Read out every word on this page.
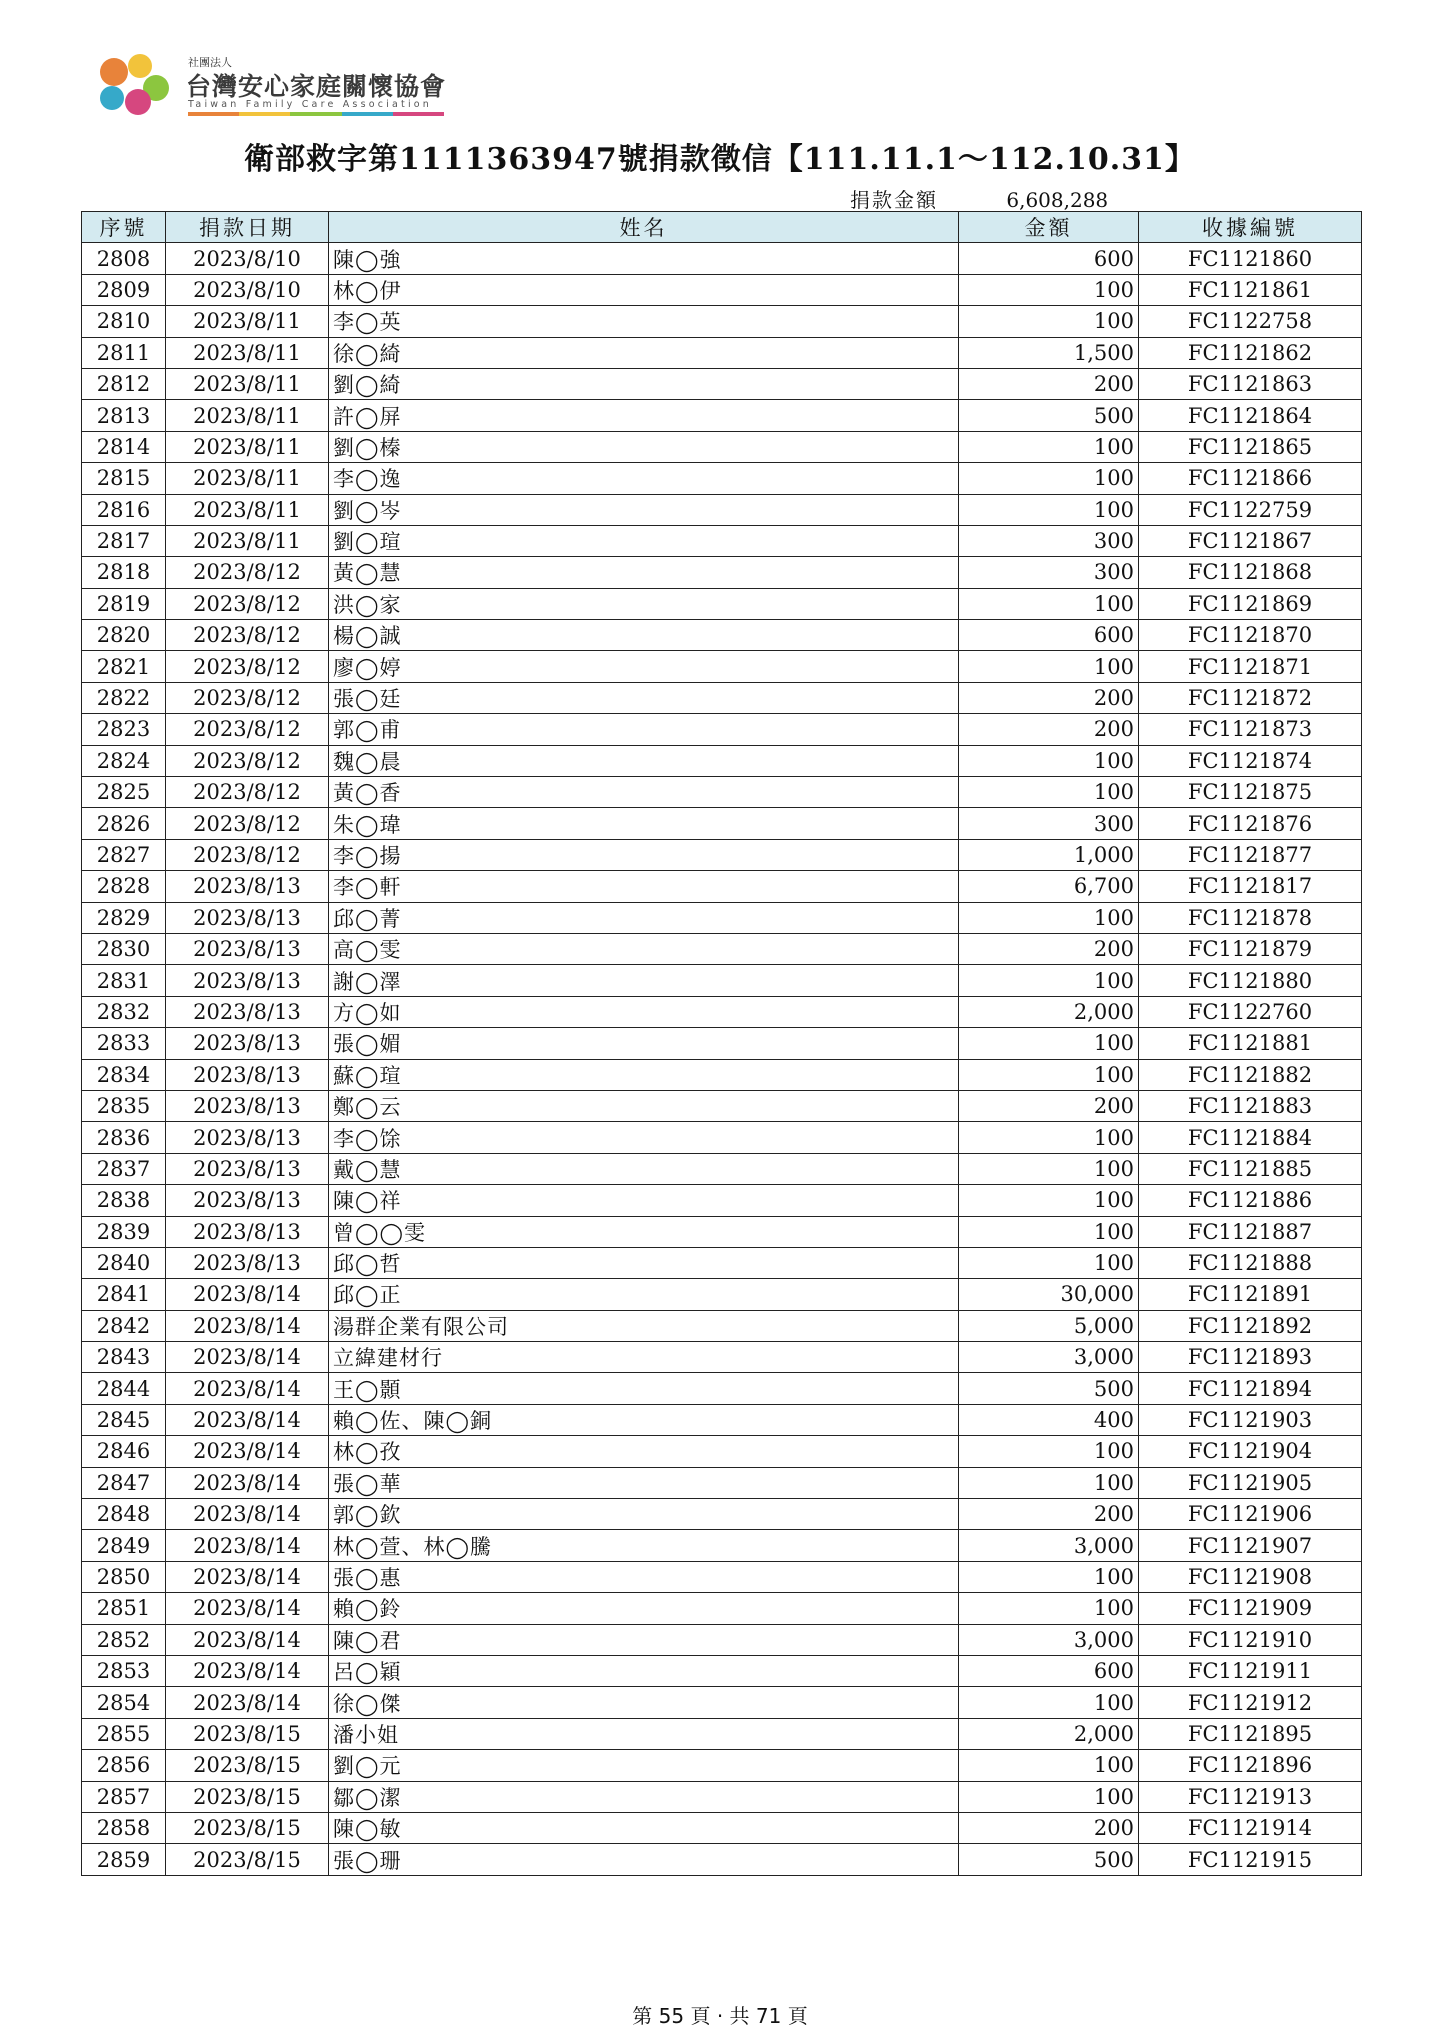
社團法人
台灣安心家庭關懷協會
Taiwan Family Care Association
衛部救字第1111363947號捐款徵信【111.11.1～112.10.31】
捐款金額	6,608,288
序號	捐款日期	姓名	金額	收據編號
2808	2023/8/10	陳◯強	600	FC1121860
2809	2023/8/10	林◯伊	100	FC1121861
2810	2023/8/11	李◯英	100	FC1122758
2811	2023/8/11	徐◯綺	1,500	FC1121862
2812	2023/8/11	劉◯綺	200	FC1121863
2813	2023/8/11	許◯屏	500	FC1121864
2814	2023/8/11	劉◯榛	100	FC1121865
2815	2023/8/11	李◯逸	100	FC1121866
2816	2023/8/11	劉◯岑	100	FC1122759
2817	2023/8/11	劉◯瑄	300	FC1121867
2818	2023/8/12	黃◯慧	300	FC1121868
2819	2023/8/12	洪◯家	100	FC1121869
2820	2023/8/12	楊◯誠	600	FC1121870
2821	2023/8/12	廖◯婷	100	FC1121871
2822	2023/8/12	張◯廷	200	FC1121872
2823	2023/8/12	郭◯甫	200	FC1121873
2824	2023/8/12	魏◯晨	100	FC1121874
2825	2023/8/12	黃◯香	100	FC1121875
2826	2023/8/12	朱◯瑋	300	FC1121876
2827	2023/8/12	李◯揚	1,000	FC1121877
2828	2023/8/13	李◯軒	6,700	FC1121817
2829	2023/8/13	邱◯菁	100	FC1121878
2830	2023/8/13	高◯雯	200	FC1121879
2831	2023/8/13	謝◯澤	100	FC1121880
2832	2023/8/13	方◯如	2,000	FC1122760
2833	2023/8/13	張◯媚	100	FC1121881
2834	2023/8/13	蘇◯瑄	100	FC1121882
2835	2023/8/13	鄭◯云	200	FC1121883
2836	2023/8/13	李◯馀	100	FC1121884
2837	2023/8/13	戴◯慧	100	FC1121885
2838	2023/8/13	陳◯祥	100	FC1121886
2839	2023/8/13	曾◯◯雯	100	FC1121887
2840	2023/8/13	邱◯哲	100	FC1121888
2841	2023/8/14	邱◯正	30,000	FC1121891
2842	2023/8/14	湯群企業有限公司	5,000	FC1121892
2843	2023/8/14	立緯建材行	3,000	FC1121893
2844	2023/8/14	王◯顥	500	FC1121894
2845	2023/8/14	賴◯佐、陳◯銅	400	FC1121903
2846	2023/8/14	林◯孜	100	FC1121904
2847	2023/8/14	張◯華	100	FC1121905
2848	2023/8/14	郭◯欽	200	FC1121906
2849	2023/8/14	林◯萱、林◯騰	3,000	FC1121907
2850	2023/8/14	張◯惠	100	FC1121908
2851	2023/8/14	賴◯鈴	100	FC1121909
2852	2023/8/14	陳◯君	3,000	FC1121910
2853	2023/8/14	呂◯穎	600	FC1121911
2854	2023/8/14	徐◯傑	100	FC1121912
2855	2023/8/15	潘小姐	2,000	FC1121895
2856	2023/8/15	劉◯元	100	FC1121896
2857	2023/8/15	鄒◯潔	100	FC1121913
2858	2023/8/15	陳◯敏	200	FC1121914
2859	2023/8/15	張◯珊	500	FC1121915
第 55 頁 · 共 71 頁
